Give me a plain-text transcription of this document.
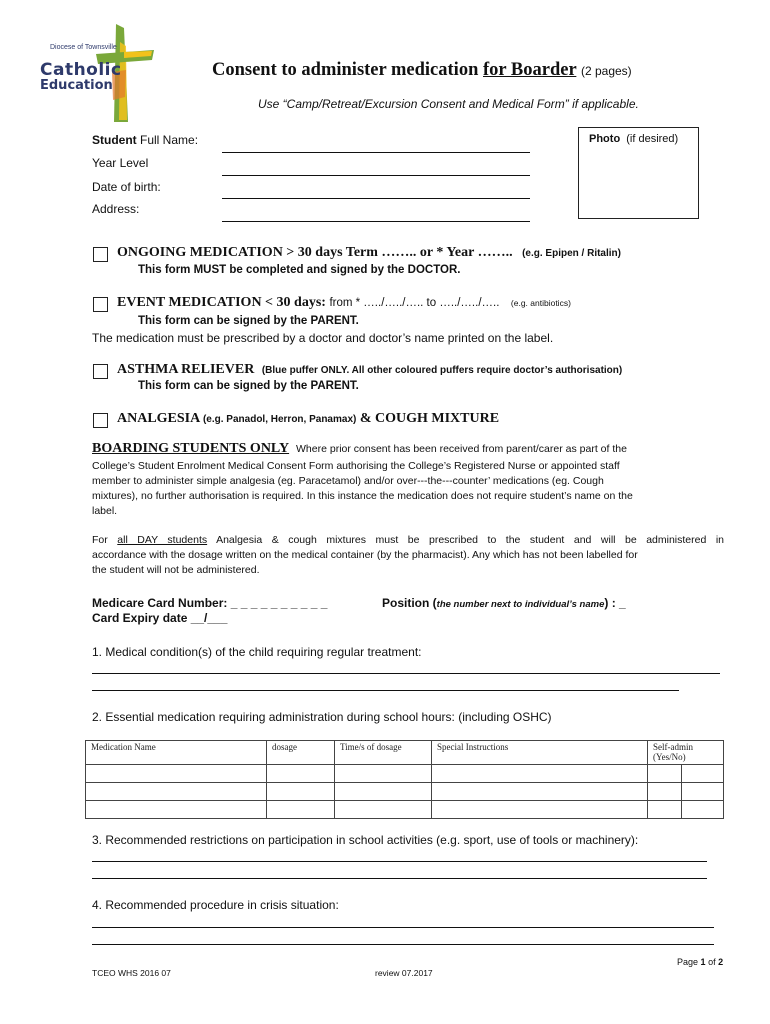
Diocese of Townsville
Catholic
Education
Consent to administer medication for Boarder (2 pages)
Use “Camp/Retreat/Excursion Consent and Medical Form” if applicable.
Student Full Name:
Year Level
Date of birth:
Address:
Photo (if desired)
ONGOING MEDICATION > 30 days Term …….. or * Year …….. (e.g. Epipen / Ritalin)
This form MUST be completed and signed by the DOCTOR.
EVENT MEDICATION < 30 days: from * …../…../….. to …../…../….. (e.g. antibiotics)
This form can be signed by the PARENT.
The medication must be prescribed by a doctor and doctor’s name printed on the label.
ASTHMA RELIEVER (Blue puffer ONLY. All other coloured puffers require doctor’s authorisation)
This form can be signed by the PARENT.
ANALGESIA (e.g. Panadol, Herron, Panamax) & COUGH MIXTURE
BOARDING STUDENTS ONLY Where prior consent has been received from parent/carer as part of the
College’s Student Enrolment Medical Consent Form authorising the College’s Registered Nurse or appointed staff
member to administer simple analgesia (eg. Paracetamol) and/or over---the---counter’ medications (eg. Cough
mixtures), no further authorisation is required. In this instance the medication does not require student’s name on the
label.
For all DAY students Analgesia & cough mixtures must be prescribed to the student and will be administered in
accordance with the dosage written on the medical container (by the pharmacist). Any which has not been labelled for
the student will not be administered.
Medicare Card Number: _ _ _ _ _ _ _ _ _ _	Position (the number next to individual’s name) : _
Card Expiry date __/___
1. Medical condition(s) of the child requiring regular treatment:
2. Essential medication requiring administration during school hours: (including OSHC)
Medication Name	dosage	Time/s of dosage	Special Instructions	Self-admin (Yes/No)	

3. Recommended restrictions on participation in school activities (e.g. sport, use of tools or machinery):
4. Recommended procedure in crisis situation:
Page 1 of 2
TCEO WHS 2016 07	review 07.2017
